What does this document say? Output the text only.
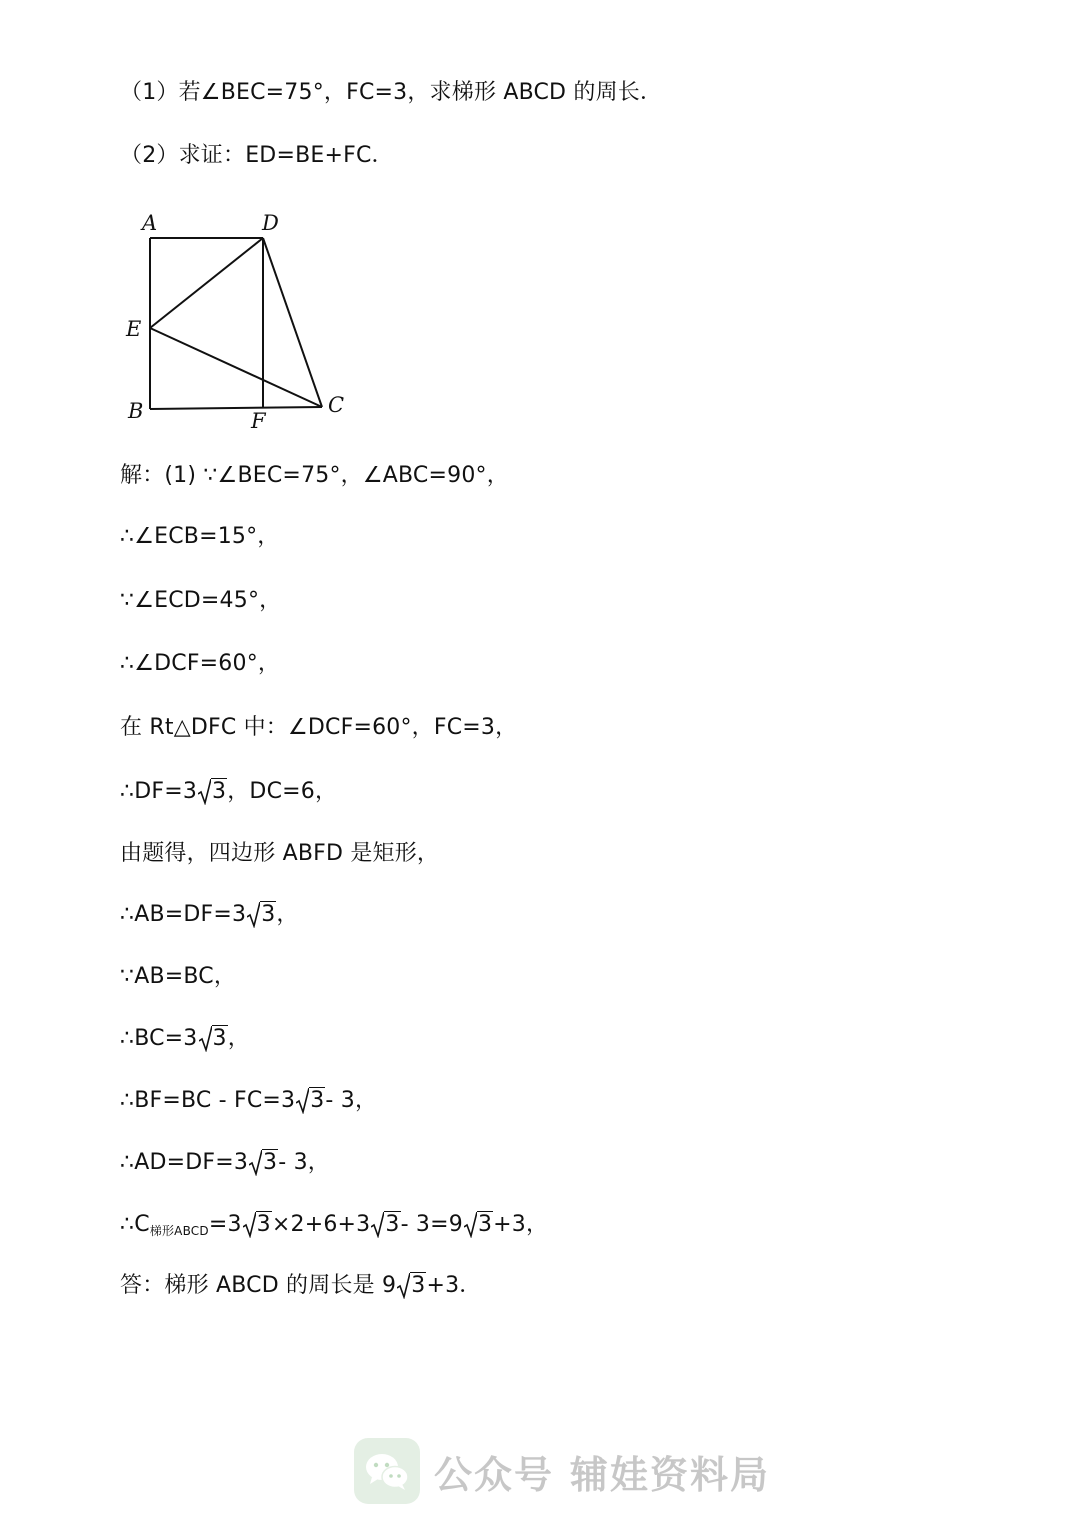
（1）若∠BEC=75°，FC=3，求梯形 ABCD 的周长．
（2）求证：ED=BE+FC．
A	D
E
B	F
C
解：(1) ∵∠BEC=75°，∠ABC=90°，
∴∠ECB=15°，
∵∠ECD=45°，
∴∠DCF=60°，
在 Rt△DFC 中：∠DCF=60°，FC=3，
∴DF=3 3，DC=6，
由题得，四边形 ABFD 是矩形，
∴AB=DF=3 3，
∵AB=BC，
∴BC=3 3，
∴BF=BC - FC=3 3- 3，
∴AD=DF=3 3- 3，
∴C梯形ABCD=3 3×2+6+3 3- 3=9 3+3，
答：梯形 ABCD 的周长是 9 3+3．
公众号 辅娃资料局
